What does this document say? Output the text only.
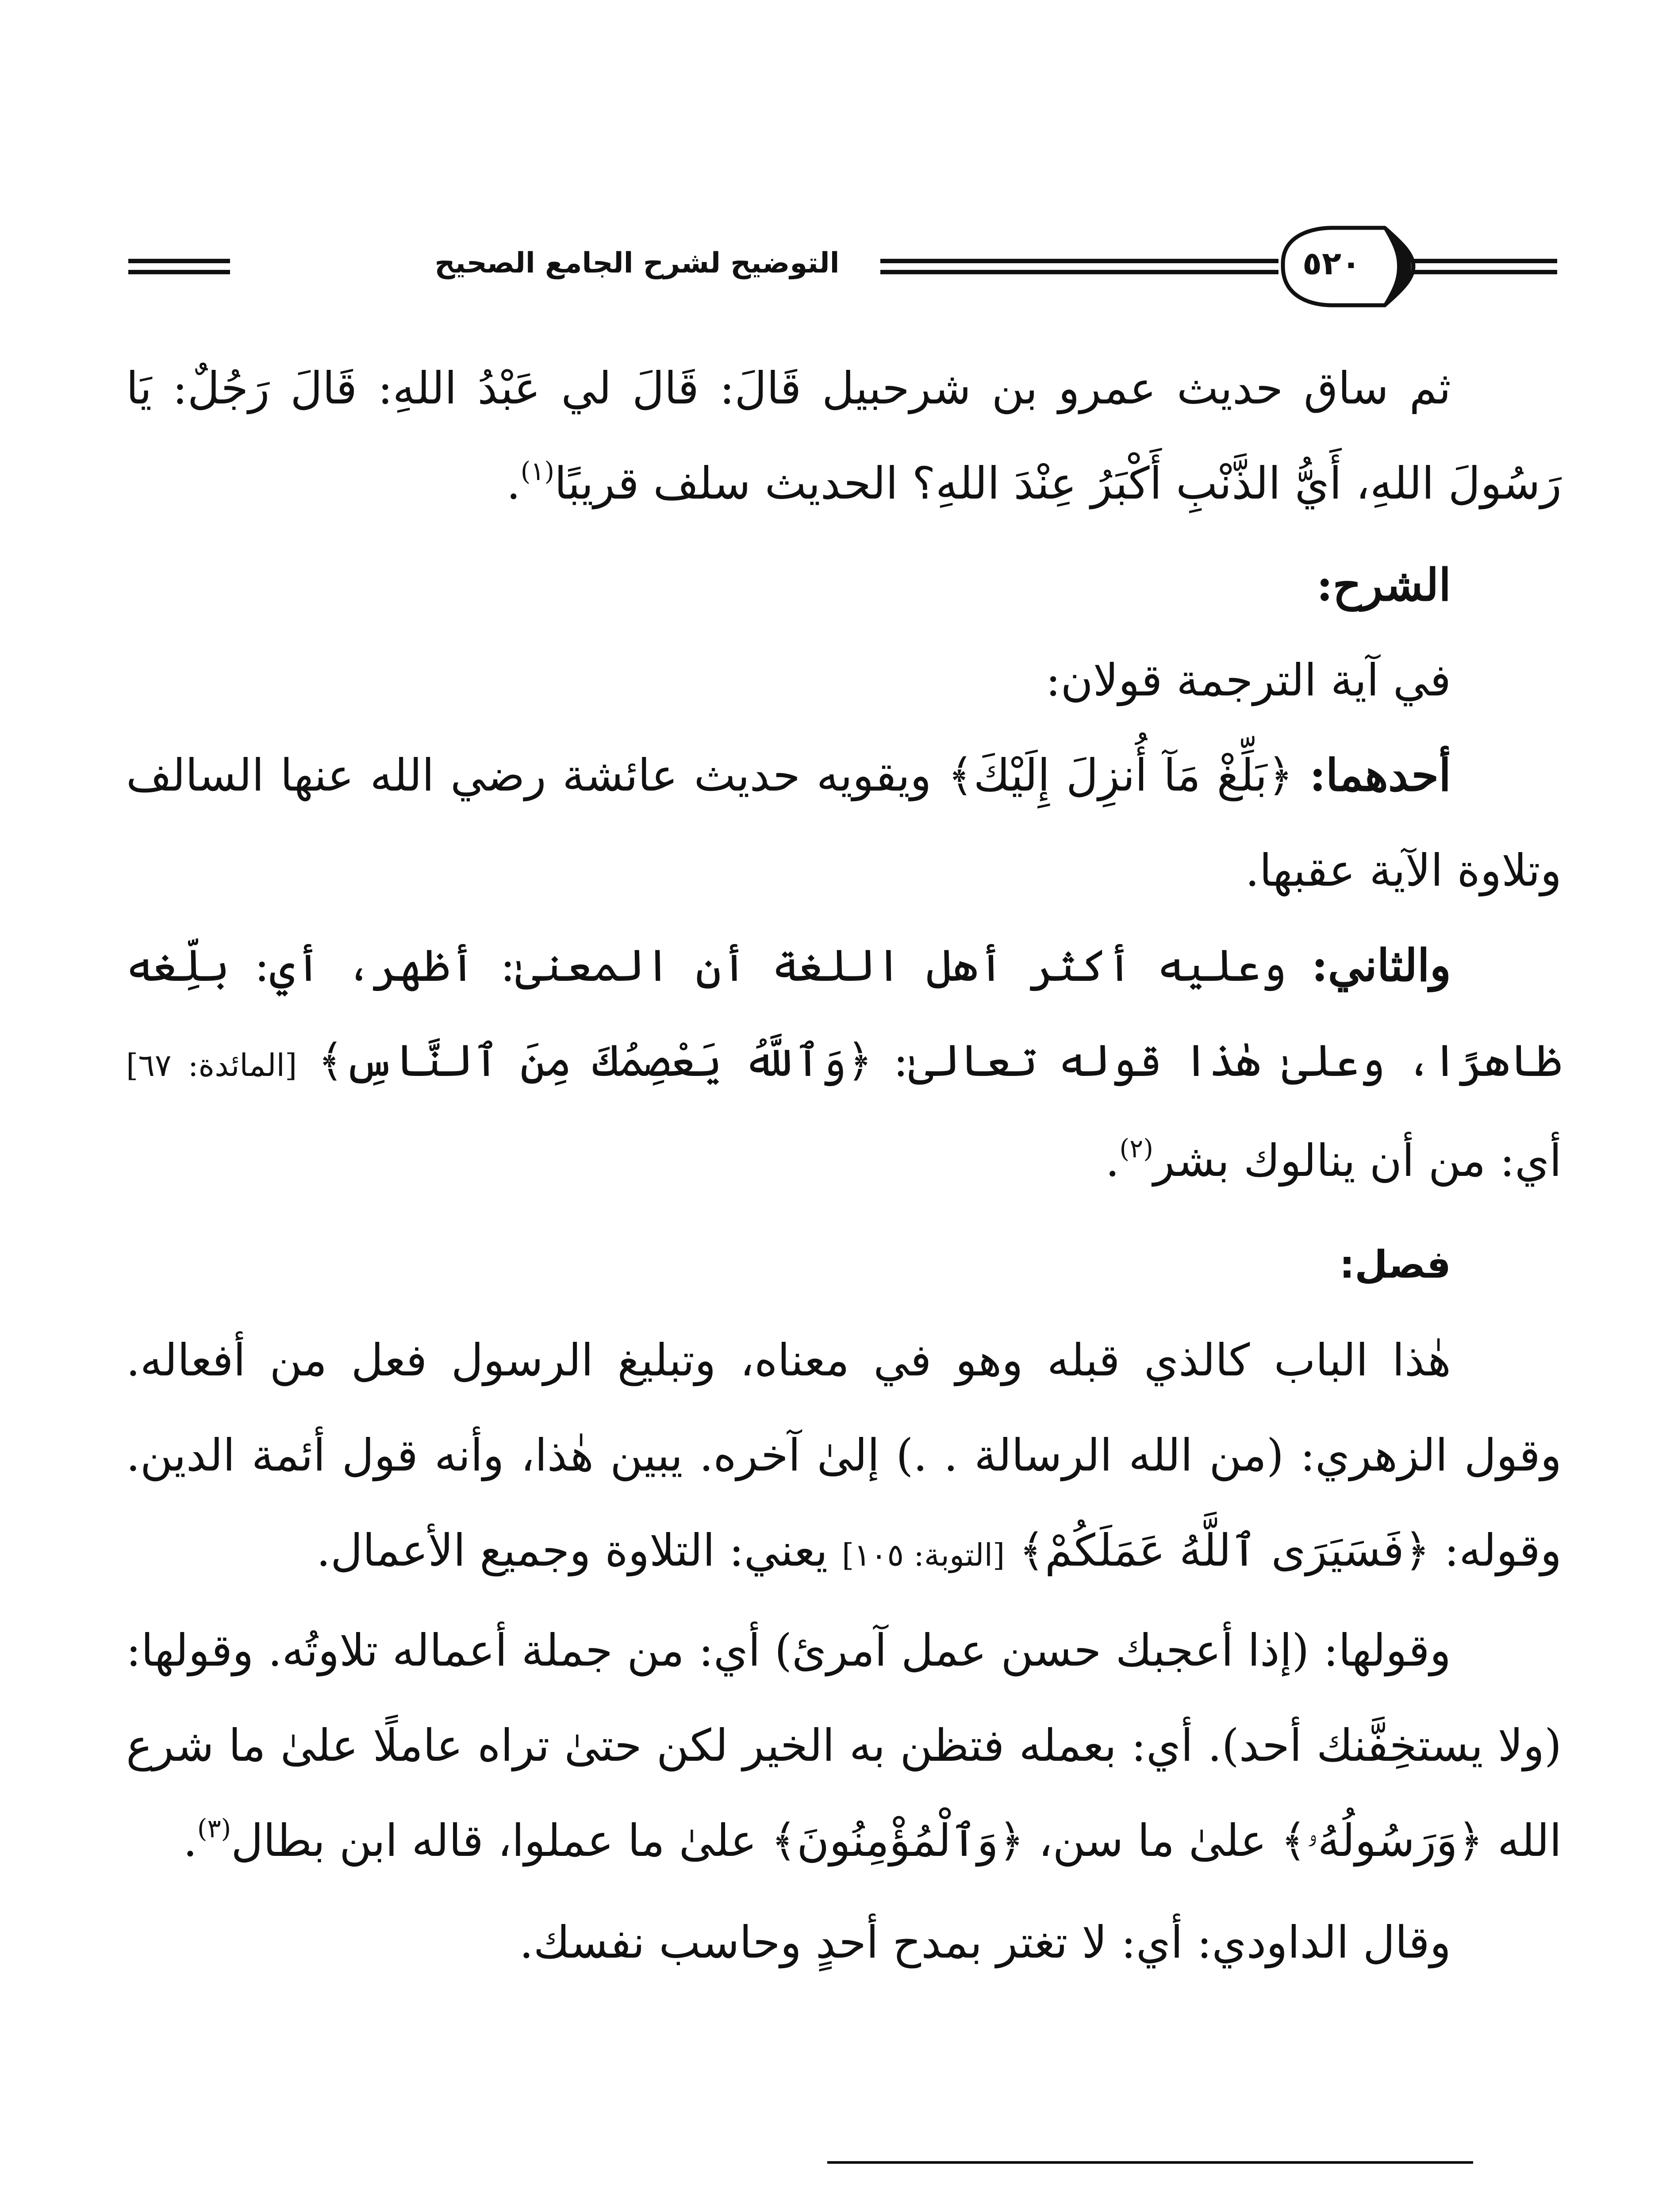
التوضيح لشرح الجامع الصحيح	٥٢٠

ثم ساق حديث عمرو بن شرحبيل قَالَ: قَالَ لي عَبْدُ اللهِ: قَالَ رَجُلٌ: يَا رَسُولَ اللهِ، أَيُّ الذَّنْبِ أَكْبَرُ عِنْدَ اللهِ؟ الحديث سلف قريبًا$^{(١)}$.

الشرح:

في آية الترجمة قولان:

أحدهما: ﴿بَلِّغْ مَآ أُنزِلَ إِلَيْكَ﴾ ويقويه حديث عائشة رضي الله عنها السالف وتلاوة الآية عقبها.

والثاني: وعليه أكثر أهل اللغة أن المعنىٰ: أظهر، أي: بلِّغه ظاهرًا، وعلىٰ هٰذا قوله تعالىٰ: ﴿وَٱللَّهُ يَعْصِمُكَ مِنَ ٱلنَّاسِ﴾ [المائدة: ٦٧] أي: من أن ينالوك بشر$^{(٢)}$.

فصل:

هٰذا الباب كالذي قبله وهو في معناه، وتبليغ الرسول فعل من أفعاله. وقول الزهري: (من الله الرسالة . .) إلىٰ آخره. يبين هٰذا، وأنه قول أئمة الدين. وقوله: ﴿فَسَيَرَى ٱللَّهُ عَمَلَكُمْ﴾ [التوبة: ١٠٥] يعني: التلاوة وجميع الأعمال.

وقولها: (إذا أعجبك حسن عمل آمرئ) أي: من جملة أعماله تلاوتُه. وقولها: (ولا يستخِفَّنك أحد). أي: بعمله فتظن به الخير لكن حتىٰ تراه عاملًا علىٰ ما شرع الله ﴿وَرَسُولُهُۥ﴾ علىٰ ما سن، ﴿وَٱلْمُؤْمِنُونَ﴾ علىٰ ما عملوا، قاله ابن بطال$^{(٣)}$.

وقال الداودي: أي: لا تغتر بمدح أحدٍ وحاسب نفسك.
